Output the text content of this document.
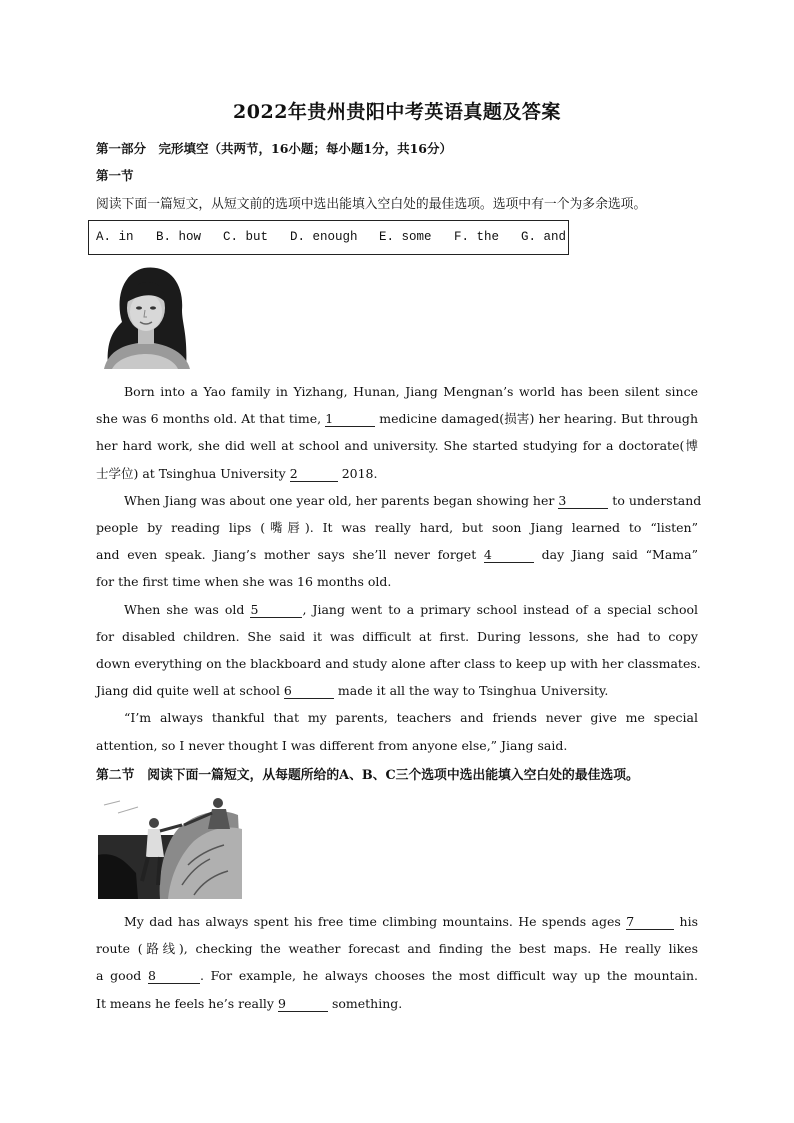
2022年贵州贵阳中考英语真题及答案
第一部分　完形填空（共两节，16小题；每小题1分，共16分）
第一节
阅读下面一篇短文，从短文前的选项中选出能填入空白处的最佳选项。选项中有一个为多余选项。
A. in B. how C. but D. enough E. some F. the G. and
Born into a Yao family in Yizhang, Hunan, Jiang Mengnan’s world has been silent since
she was 6 months old. At that time, 1	medicine damaged(损害) her hearing. But through
her hard work, she did well at school and university. She started studying for a doctorate(博
士学位) at Tsinghua University 2	2018.
When Jiang was about one year old, her parents began showing her 3	to understand
people by reading lips (嘴唇). It was really hard, but soon Jiang learned to “listen”
and even speak. Jiang’s mother says she’ll never forget 4	day Jiang said “Mama”
for the first time when she was 16 months old.
When she was old 5	, Jiang went to a primary school instead of a special school
for disabled children. She said it was difficult at first. During lessons, she had to copy
down everything on the blackboard and study alone after class to keep up with her classmates.
Jiang did quite well at school 6	made it all the way to Tsinghua University.
“I’m always thankful that my parents, teachers and friends never give me special
attention, so I never thought I was different from anyone else,” Jiang said.
第二节　阅读下面一篇短文，从每题所给的A、B、C三个选项中选出能填入空白处的最佳选项。
My dad has always spent his free time climbing mountains. He spends ages 7	his
route (路线), checking the weather forecast and finding the best maps. He really likes
a good 8	. For example, he always chooses the most difficult way up the mountain.
It means he feels he’s really 9	something.
